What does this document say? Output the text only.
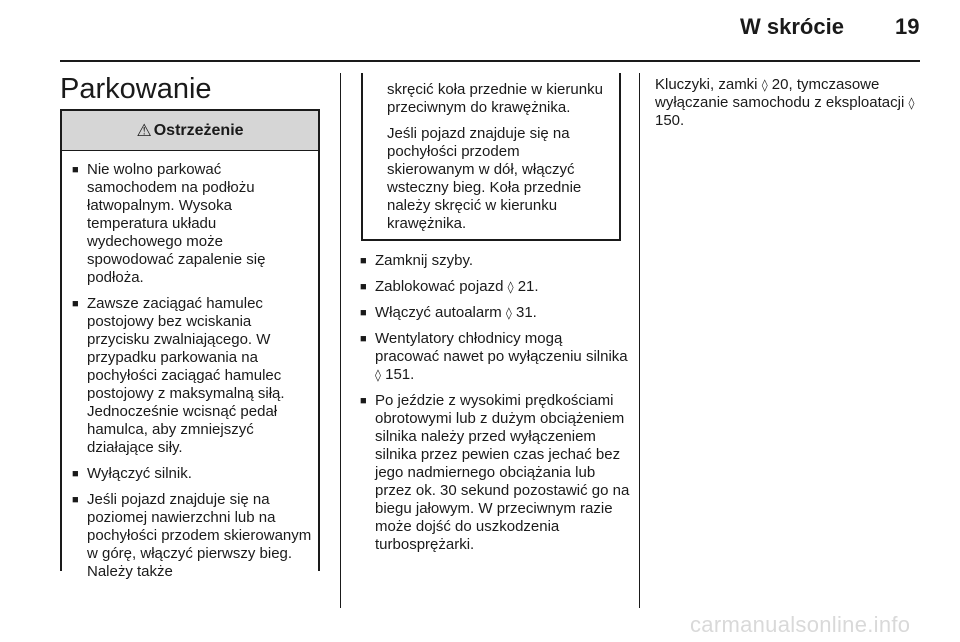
W skrócie 19
Parkowanie
⚠ Ostrzeżenie
■ Nie wolno parkować samochodem na podłożu łatwopalnym. Wysoka temperatura układu wydechowego może spowodować zapalenie się podłoża.
■ Zawsze zaciągać hamulec postojowy bez wciskania przycisku zwalniającego. W przypadku parkowania na pochyłości zaciągać hamulec postojowy z maksymalną siłą. Jednocześnie wcisnąć pedał hamulca, aby zmniejszyć działające siły.
■ Wyłączyć silnik.
■ Jeśli pojazd znajduje się na poziomej nawierzchni lub na pochyłości przodem skierowanym w górę, włączyć pierwszy bieg. Należy także

skręcić koła przednie w kierunku przeciwnym do krawężnika.

Jeśli pojazd znajduje się na pochyłości przodem skierowanym w dół, włączyć wsteczny bieg. Koła przednie należy skręcić w kierunku krawężnika.

■ Zamknij szyby.
■ Zablokować pojazd ◊ 21.
■ Włączyć autoalarm ◊ 31.
■ Wentylatory chłodnicy mogą pracować nawet po wyłączeniu silnika ◊ 151.
■ Po jeździe z wysokimi prędkościami obrotowymi lub z dużym obciążeniem silnika należy przed wyłączeniem silnika przez pewien czas jechać bez jego nadmiernego obciążania lub przez ok. 30 sekund pozostawić go na biegu jałowym. W przeciwnym razie może dojść do uszkodzenia turbosprężarki.
Kluczyki, zamki ◊ 20, tymczasowe wyłączanie samochodu z eksploatacji ◊ 150.
carmanualsonline.info
